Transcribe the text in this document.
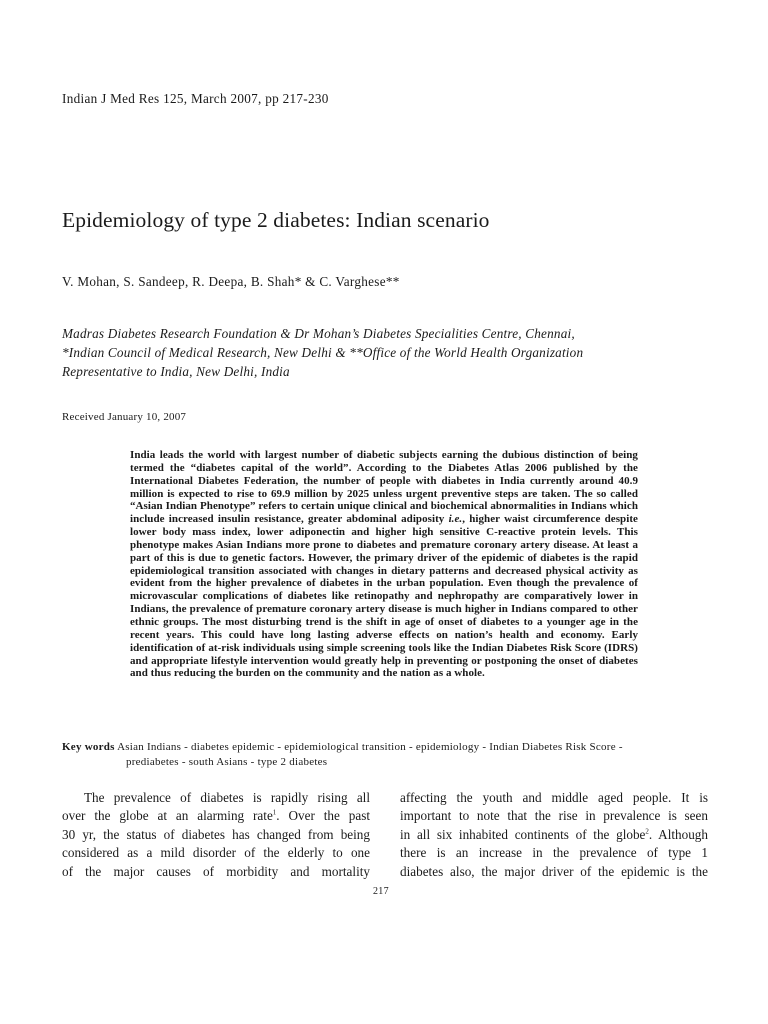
Indian J Med Res 125, March 2007, pp 217-230
Epidemiology of type 2 diabetes: Indian scenario
V. Mohan, S. Sandeep, R. Deepa, B. Shah* & C. Varghese**
Madras Diabetes Research Foundation & Dr Mohan’s Diabetes Specialities Centre, Chennai,
*Indian Council of Medical Research, New Delhi & **Office of the World Health Organization
Representative to India, New Delhi, India
Received January 10, 2007
India leads the world with largest number of diabetic subjects earning the dubious distinction of being termed the “diabetes capital of the world”. According to the Diabetes Atlas 2006 published by the International Diabetes Federation, the number of people with diabetes in India currently around 40.9 million is expected to rise to 69.9 million by 2025 unless urgent preventive steps are taken. The so called “Asian Indian Phenotype” refers to certain unique clinical and biochemical abnormalities in Indians which include increased insulin resistance, greater abdominal adiposity i.e., higher waist circumference despite lower body mass index, lower adiponectin and higher high sensitive C-reactive protein levels. This phenotype makes Asian Indians more prone to diabetes and premature coronary artery disease. At least a part of this is due to genetic factors. However, the primary driver of the epidemic of diabetes is the rapid epidemiological transition associated with changes in dietary patterns and decreased physical activity as evident from the higher prevalence of diabetes in the urban population. Even though the prevalence of microvascular complications of diabetes like retinopathy and nephropathy are comparatively lower in Indians, the prevalence of premature coronary artery disease is much higher in Indians compared to other ethnic groups. The most disturbing trend is the shift in age of onset of diabetes to a younger age in the recent years. This could have long lasting adverse effects on nation’s health and economy. Early identification of at-risk individuals using simple screening tools like the Indian Diabetes Risk Score (IDRS) and appropriate lifestyle intervention would greatly help in preventing or postponing the onset of diabetes and thus reducing the burden on the community and the nation as a whole.
Key words Asian Indians - diabetes epidemic - epidemiological transition - epidemiology - Indian Diabetes Risk Score -
prediabetes - south Asians - type 2 diabetes
The prevalence of diabetes is rapidly rising all
over the globe at an alarming rate$^1$. Over the past
30 yr, the status of diabetes has changed from being
considered as a mild disorder of the elderly to one
of the major causes of morbidity and mortality
affecting the youth and middle aged people. It is
important to note that the rise in prevalence is seen
in all six inhabited continents of the globe$^2$. Although
there is an increase in the prevalence of type 1
diabetes also, the major driver of the epidemic is the
217
